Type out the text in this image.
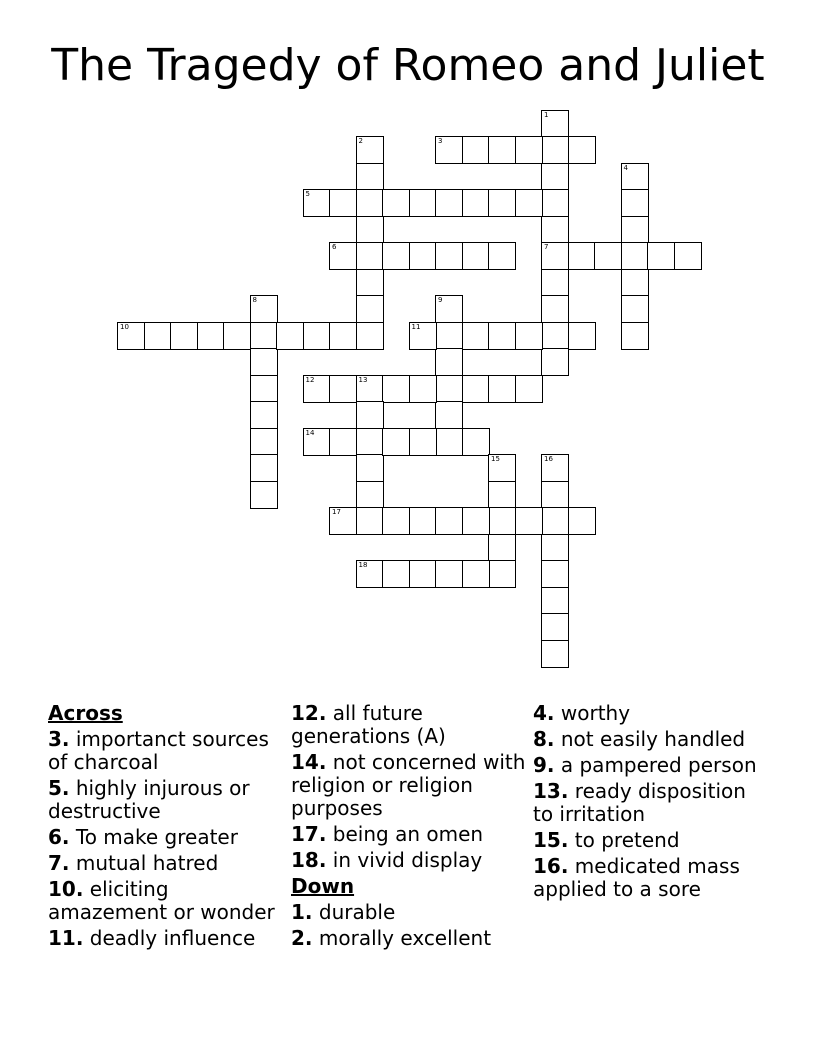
The Tragedy of Romeo and Juliet
1
7
2	3
4
5
6
8	9
10	11
12	13
14
15	16
17
18
Across
3. importanct sources of charcoal
5. highly injurous or destructive
6. To make greater
7. mutual hatred
10. eliciting amazement or wonder
11. deadly influence
12. all future generations (A)
14. not concerned with religion or religion purposes
17. being an omen
18. in vivid display
Down
1. durable
2. morally excellent
4. worthy
8. not easily handled
9. a pampered person
13. ready disposition to irritation
15. to pretend
16. medicated mass applied to a sore
